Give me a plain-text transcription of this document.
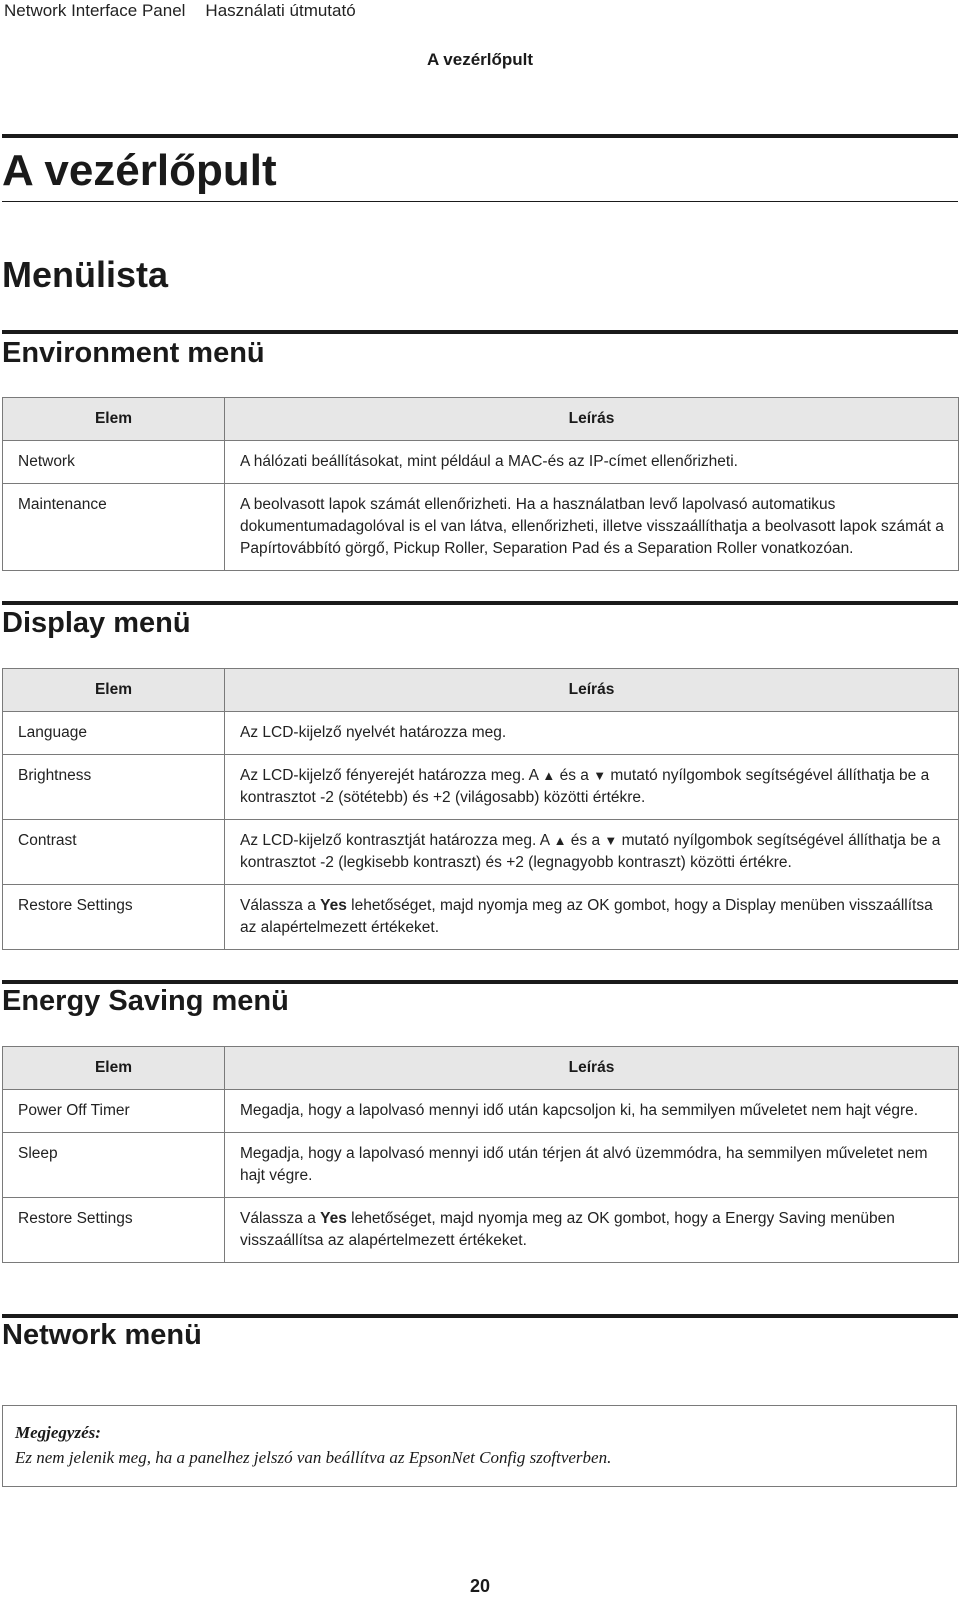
Network Interface Panel Használati útmutató
A vezérlőpult
A vezérlőpult
Menülista
Environment menü
Elem	Leírás
Network	A hálózati beállításokat, mint például a MAC-és az IP-címet ellenőrizheti.
Maintenance	A beolvasott lapok számát ellenőrizheti. Ha a használatban levő lapolvasó automatikus dokumentumadagolóval is el van látva, ellenőrizheti, illetve visszaállíthatja a beolvasott lapok számát a Papírtovábbító görgő, Pickup Roller, Separation Pad és a Separation Roller vonatkozóan.
Display menü
Elem	Leírás
Language	Az LCD-kijelző nyelvét határozza meg.
Brightness	Az LCD-kijelző fényerejét határozza meg. A ▲ és a ▼ mutató nyílgombok segítségével állíthatja be a kontrasztot -2 (sötétebb) és +2 (világosabb) közötti értékre.
Contrast	Az LCD-kijelző kontrasztját határozza meg. A ▲ és a ▼ mutató nyílgombok segítségével állíthatja be a kontrasztot -2 (legkisebb kontraszt) és +2 (legnagyobb kontraszt) közötti értékre.
Restore Settings	Válassza a Yes lehetőséget, majd nyomja meg az OK gombot, hogy a Display menüben visszaállítsa az alapértelmezett értékeket.
Energy Saving menü
Elem	Leírás
Power Off Timer	Megadja, hogy a lapolvasó mennyi idő után kapcsoljon ki, ha semmilyen műveletet nem hajt végre.
Sleep	Megadja, hogy a lapolvasó mennyi idő után térjen át alvó üzemmódra, ha semmilyen műveletet nem hajt végre.
Restore Settings	Válassza a Yes lehetőséget, majd nyomja meg az OK gombot, hogy a Energy Saving menüben visszaállítsa az alapértelmezett értékeket.
Network menü
Megjegyzés:
Ez nem jelenik meg, ha a panelhez jelszó van beállítva az EpsonNet Config szoftverben.
20
